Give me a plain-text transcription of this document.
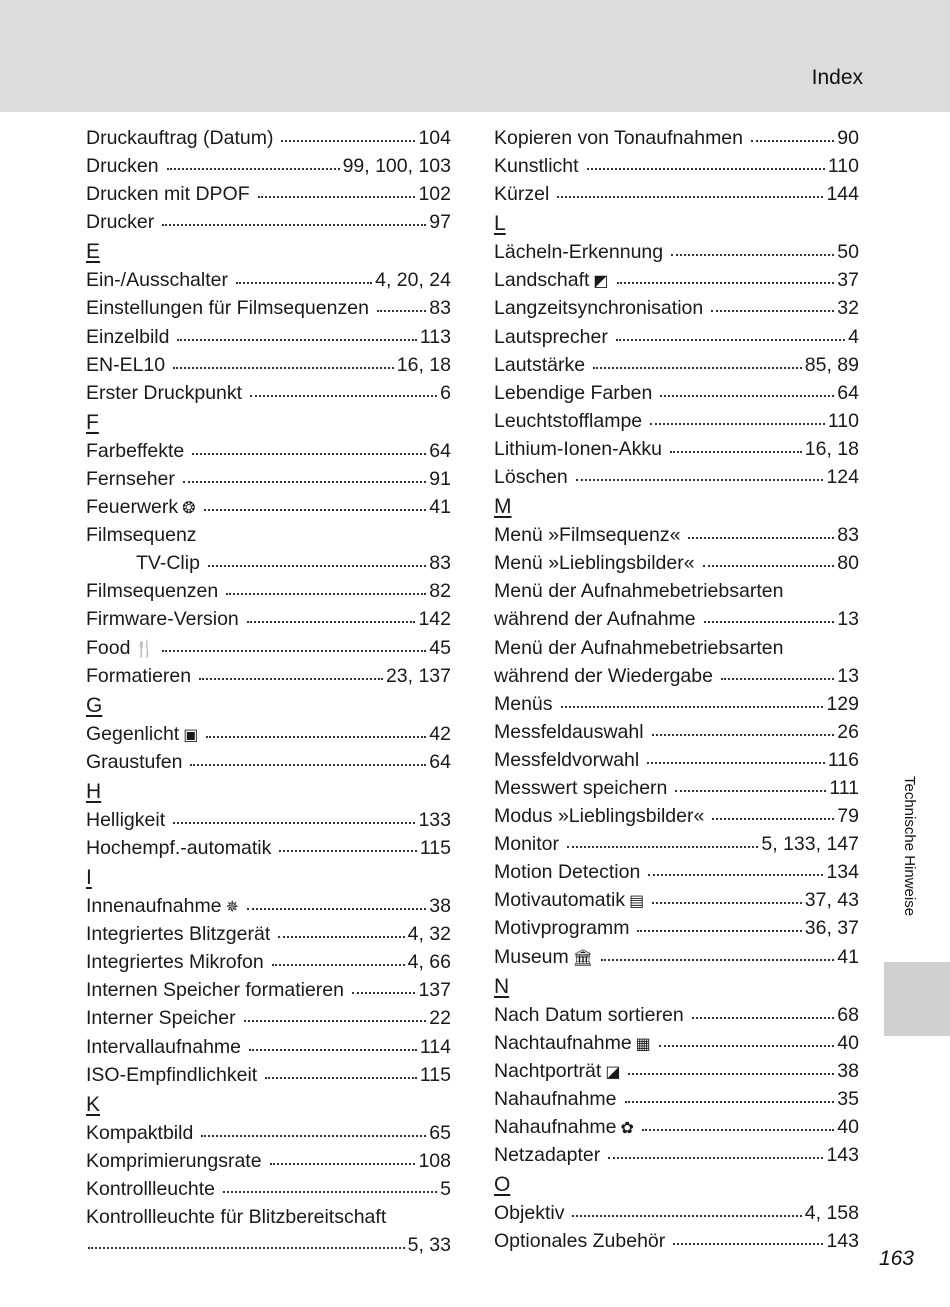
Index
Technische Hinweise
Druckauftrag (Datum)	104
Drucken	99, 100, 103
Drucken mit DPOF	102
Drucker	97
E
Ein-/Ausschalter	4, 20, 24
Einstellungen für Filmsequenzen	83
Einzelbild	113
EN-EL10	16, 18
Erster Druckpunkt	6
F
Farbeffekte	64
Fernseher	91
Feuerwerk ❂	41
Filmsequenz
TV-Clip	83
Filmsequenzen	82
Firmware-Version	142
Food 🍴	45
Formatieren	23, 137
G
Gegenlicht ▣	42
Graustufen	64
H
Helligkeit	133
Hochempf.-automatik	115
I
Innenaufnahme ✵	38
Integriertes Blitzgerät	4, 32
Integriertes Mikrofon	4, 66
Internen Speicher formatieren	137
Interner Speicher	22
Intervallaufnahme	114
ISO-Empfindlichkeit	115
K
Kompaktbild	65
Komprimierungsrate	108
Kontrollleuchte	5
Kontrollleuchte für Blitzbereitschaft
5, 33
Kopieren von Tonaufnahmen	90
Kunstlicht	110
Kürzel	144
L
Lächeln-Erkennung	50
Landschaft ◩	37
Langzeitsynchronisation	32
Lautsprecher	4
Lautstärke	85, 89
Lebendige Farben	64
Leuchtstofflampe	110
Lithium-Ionen-Akku	16, 18
Löschen	124
M
Menü »Filmsequenz«	83
Menü »Lieblingsbilder«	80
Menü der Aufnahmebetriebsarten
während der Aufnahme	13
Menü der Aufnahmebetriebsarten
während der Wiedergabe	13
Menüs	129
Messfeldauswahl	26
Messfeldvorwahl	116
Messwert speichern	111
Modus »Lieblingsbilder«	79
Monitor	5, 133, 147
Motion Detection	134
Motivautomatik ▤	37, 43
Motivprogramm	36, 37
Museum 🏛	41
N
Nach Datum sortieren	68
Nachtaufnahme ▦	40
Nachtporträt ◪	38
Nahaufnahme	35
Nahaufnahme ✿	40
Netzadapter	143
O
Objektiv	4, 158
Optionales Zubehör	143
163
